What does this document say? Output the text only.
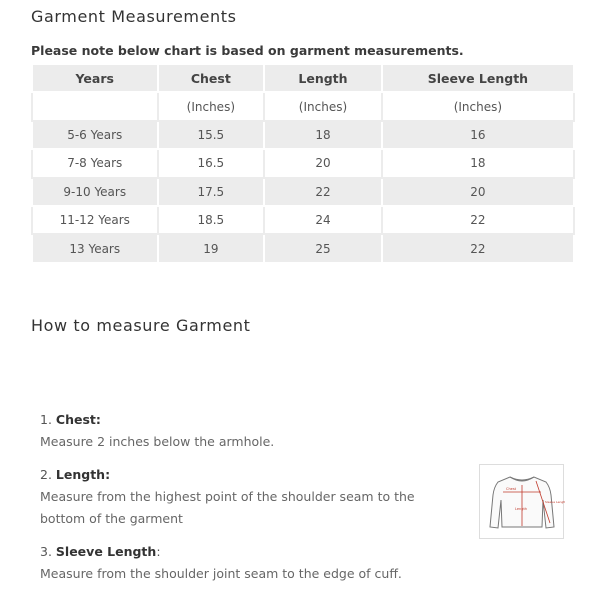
Garment Measurements
Please note below chart is based on garment measurements.
Years	Chest	Length	Sleeve Length
	(Inches)	(Inches)	(Inches)
5-6 Years	15.5	18	16
7-8 Years	16.5	20	18
9-10 Years	17.5	22	20
11-12 Years	18.5	24	22
13 Years	19	25	22
How to measure Garment
1. Chest:
Measure 2 inches below the armhole.
2. Length:
Measure from the highest point of the shoulder seam to the bottom of the garment
3. Sleeve Length:
Measure from the shoulder joint seam to the edge of cuff.
Chest
Length
Sleeve Length
